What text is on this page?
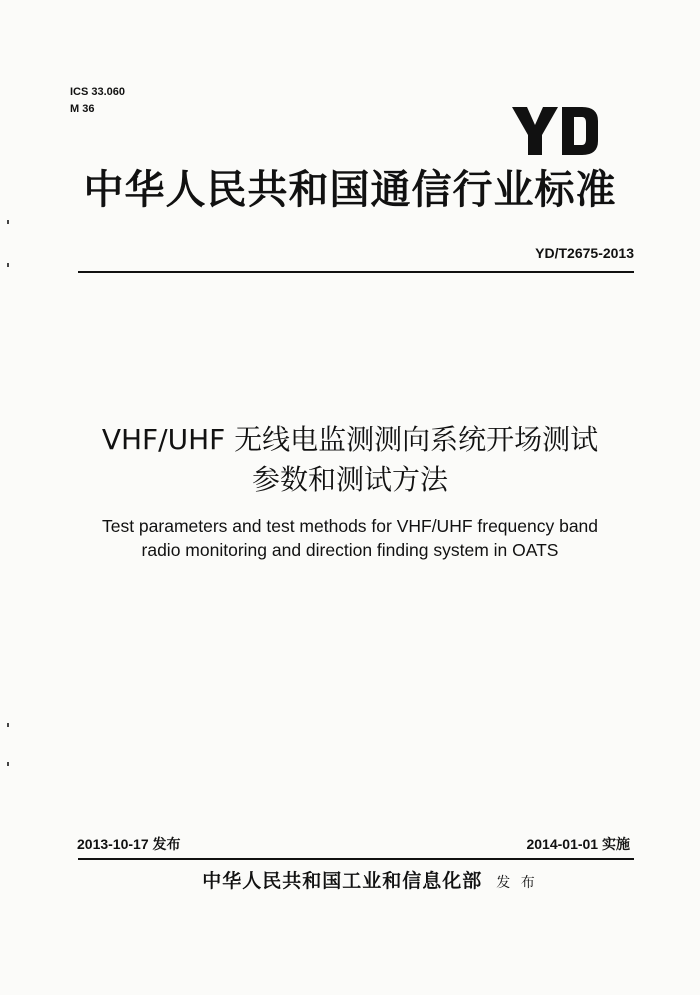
ICS 33.060
M 36
中华人民共和国通信行业标准
YD/T2675-2013
VHF/UHF 无线电监测测向系统开场测试
参数和测试方法
Test parameters and test methods for VHF/UHF frequency band
radio monitoring and direction finding system in OATS
2013-10-17 发布	2014-01-01 实施
中华人民共和国工业和信息化部 发 布
